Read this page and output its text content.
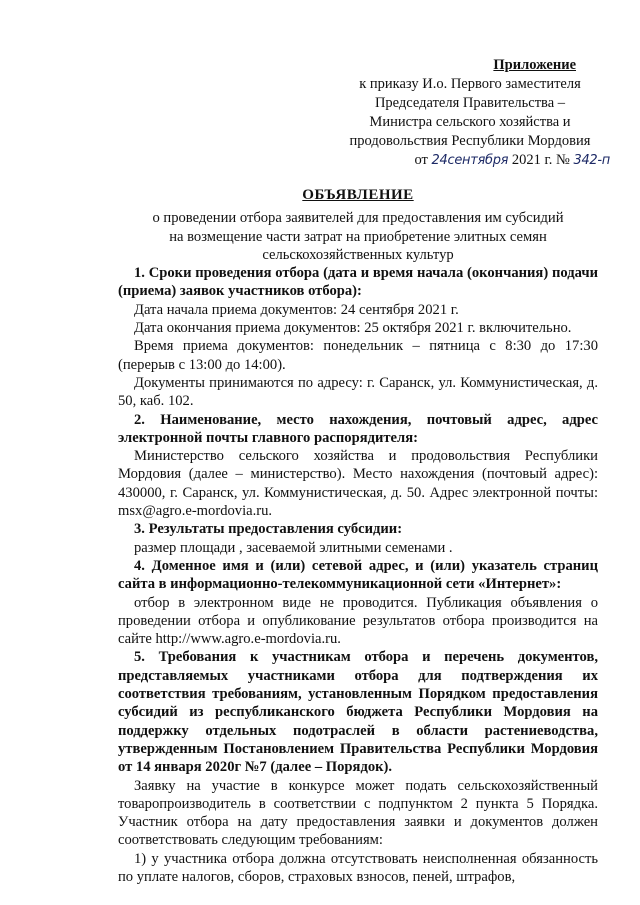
Приложение
к приказу И.о. Первого заместителя
Председателя Правительства –
Министра сельского хозяйства и
продовольствия Республики Мордовия
от 24сентября 2021 г. № 342-п
ОБЪЯВЛЕНИЕ
о проведении отбора заявителей для предоставления им субсидий
на возмещение части затрат на приобретение элитных семян
сельскохозяйственных культур

1. Сроки проведения отбора (дата и время начала (окончания) подачи (приема) заявок участников отбора):

Дата начала приема документов: 24 сентября 2021 г.

Дата окончания приема документов: 25 октября 2021 г. включительно.

Время приема документов: понедельник – пятница с 8:30 до 17:30 (перерыв с 13:00 до 14:00).

Документы принимаются по адресу: г. Саранск, ул. Коммунистическая, д. 50, каб. 102.

2. Наименование, место нахождения, почтовый адрес, адрес электронной почты главного распорядителя:

Министерство сельского хозяйства и продовольствия Республики Мордовия (далее – министерство). Место нахождения (почтовый адрес): 430000, г. Саранск, ул. Коммунистическая, д. 50. Адрес электронной почты: msx@agro.e-mordovia.ru.

3. Результаты предоставления субсидии:

размер площади , засеваемой элитными семенами .

4. Доменное имя и (или) сетевой адрес, и (или) указатель страниц сайта в информационно-телекоммуникационной сети «Интернет»:

отбор в электронном виде не проводится. Публикация объявления о проведении отбора и опубликование результатов отбора производится на сайте http://www.agro.e-mordovia.ru.

5. Требования к участникам отбора и перечень документов, представляемых участниками отбора для подтверждения их соответствия требованиям, установленным Порядком предоставления субсидий из республиканского бюджета Республики Мордовия на поддержку отдельных подотраслей в области растениеводства, утвержденным Постановлением Правительства Республики Мордовия от 14 января 2020г №7 (далее – Порядок).

Заявку на участие в конкурсе может подать сельскохозяйственный товаропроизводитель в соответствии с подпунктом 2 пункта 5 Порядка. Участник отбора на дату предоставления заявки и документов должен соответствовать следующим требованиям:

1) у участника отбора должна отсутствовать неисполненная обязанность по уплате налогов, сборов, страховых взносов, пеней, штрафов,
